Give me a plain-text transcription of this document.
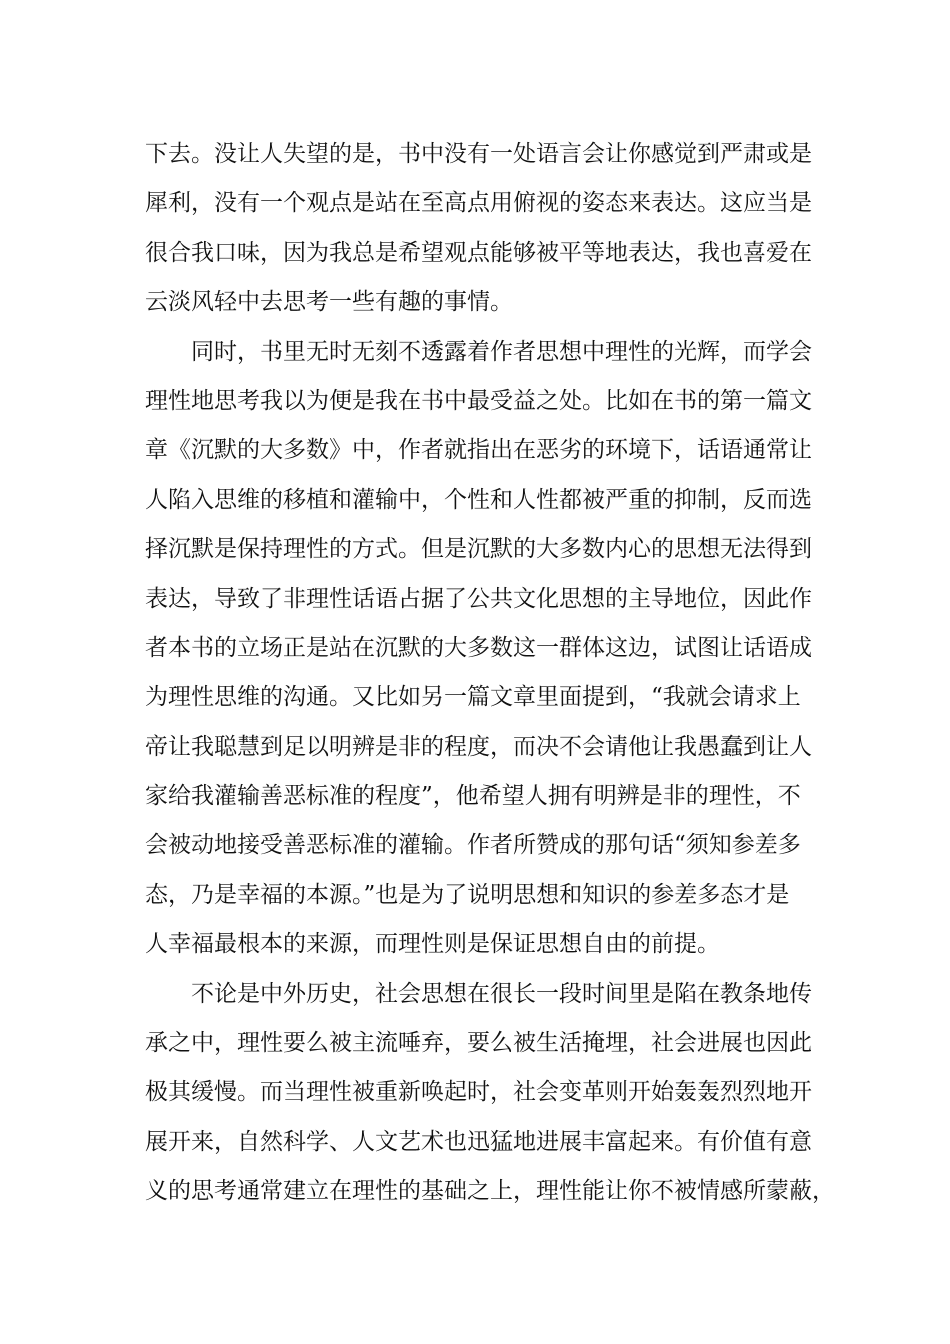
下去。没让人失望的是，书中没有一处语言会让你感觉到严肃或是
犀利，没有一个观点是站在至高点用俯视的姿态来表达。这应当是
很合我口味，因为我总是希望观点能够被平等地表达，我也喜爱在
云淡风轻中去思考一些有趣的事情。
　　同时，书里无时无刻不透露着作者思想中理性的光辉，而学会
理性地思考我以为便是我在书中最受益之处。比如在书的第一篇文
章《沉默的大多数》中，作者就指出在恶劣的环境下，话语通常让
人陷入思维的移植和灌输中，个性和人性都被严重的抑制，反而选
择沉默是保持理性的方式。但是沉默的大多数内心的思想无法得到
表达，导致了非理性话语占据了公共文化思想的主导地位，因此作
者本书的立场正是站在沉默的大多数这一群体这边，试图让话语成
为理性思维的沟通。又比如另一篇文章里面提到，“我就会请求上
帝让我聪慧到足以明辨是非的程度，而决不会请他让我愚蠢到让人
家给我灌输善恶标准的程度”，他希望人拥有明辨是非的理性，不
会被动地接受善恶标准的灌输。作者所赞成的那句话“须知参差多
态，乃是幸福的本源。”也是为了说明思想和知识的参差多态才是
人幸福最根本的来源，而理性则是保证思想自由的前提。
　　不论是中外历史，社会思想在很长一段时间里是陷在教条地传
承之中，理性要么被主流唾弃，要么被生活掩埋，社会进展也因此
极其缓慢。而当理性被重新唤起时，社会变革则开始轰轰烈烈地开
展开来，自然科学、人文艺术也迅猛地进展丰富起来。有价值有意
义的思考通常建立在理性的基础之上，理性能让你不被情感所蒙蔽，
